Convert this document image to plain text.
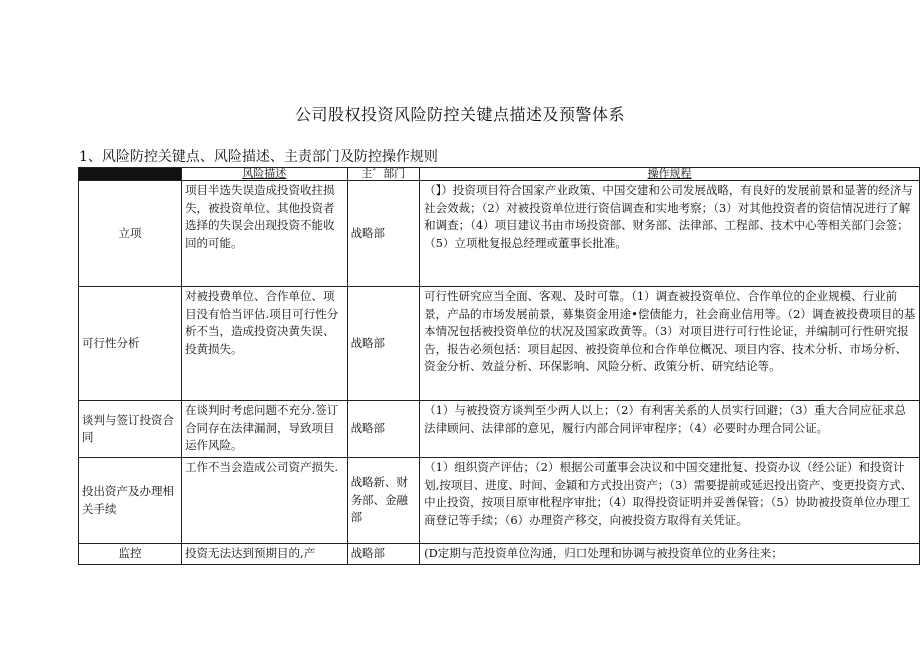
公司股权投资风险防控关键点描述及预警体系
1、风险防控关键点、风险描述、主责部门及防控操作规则
	风险描述	主゛部门	操作规程
立项	项目半选失误造成投资收拄损失，被投资单位、其他投资者选择的失误会出现投资不能收回的可能。	战略部	（】）投资项目符合国家产业政策、中国交建和公司发展战略，有良好的发展前景和显著的经济与社会效裁；（2）对被投资单位进行资信调查和实地考察；（3）对其他投资者的资信情况进行了解和调查；（4）项目建议书由市场投资部、财务部、法律部、工程部、技术中心等相关部门会签；（5）立项枇复报总经理或董事长批准。
可行性分析	对被投费单位、合作单位、项目没有恰当评估.项目可行性分析不当，造成投资决黄失误、投黄损失。	战略部	可行性研究应当全面、客观、及时可靠。（1）调查被投资单位、合作单位的企业规模、行业前景，产品的市场发展前景，募集资金用途•偿债能力，社会商业信用等。（2）调查被投费项目的基本情况包括被投资单位的状况及国家政黄等。（3）对项目进行可行性论证，并编制可行性研究报告，报告必须包括：项目起因、被投资单位和合作单位概况、项目内容、技术分析、市场分析、资金分析、效益分析、环保影响、风险分析、政策分析、研究结论等。
谈判与签订投资合同	在谈判时考虑问题不充分.签订合同存在法律漏洞，导致项目运作风险。	战略部	（1）与被投资方谈判至少两人以上；（2）有利害关系的人员实行回避；（3）重大合同应征求总法律顾问、法律部的意见，履行内部合同评审程序；（4）必要时办理合同公证。
投出资产及办理相关手续	工作不当会造成公司资产损失.	战略新、财务部、金融部	（1）组织资产评估；（2）根据公司董事会决议和中国交建批复、投资办议（经公证）和投资计划,按项目、进度、时间、金穎和方式投出资产；（3）需要提前或延迟投出资产、变更投资方式、中止投资，按项目原审枇程序审批；（4）取得投资证明并妥善保管；（5）协助被投资单位办理工商登记等手续；（6）办理资产移交，向被投资方取得有关凭证。
监控	投资无法达到预期目的,产	战略部	(D定期与范投资单位沟通，归口处理和协调与被投资单位的业务往来；
